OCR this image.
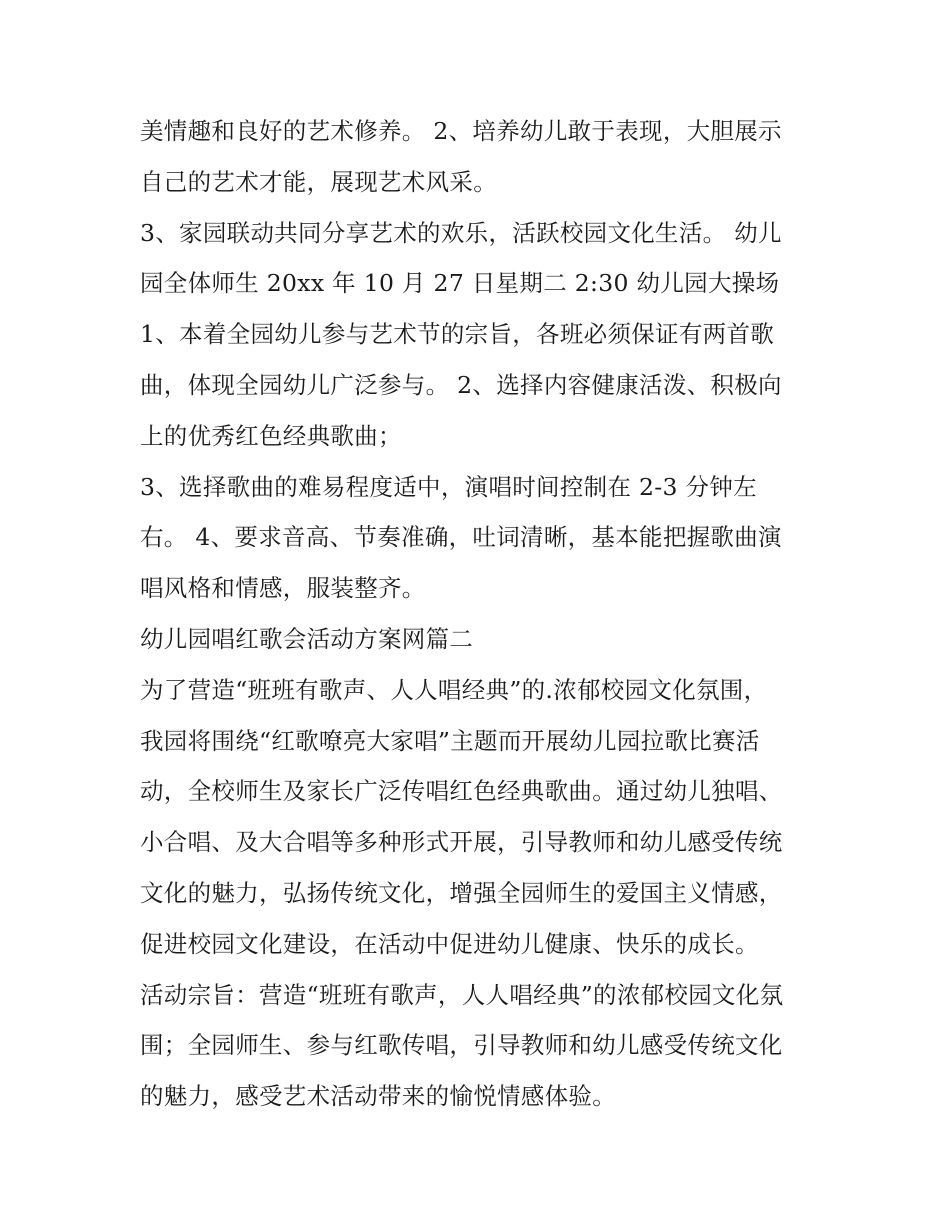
美情趣和良好的艺术修养。 2、培养幼儿敢于表现，大胆展示
自己的艺术才能，展现艺术风采。
3、家园联动共同分享艺术的欢乐，活跃校园文化生活。 幼儿
园全体师生 20xx 年 10 月 27 日星期二 2:30 幼儿园大操场
1、本着全园幼儿参与艺术节的宗旨，各班必须保证有两首歌
曲，体现全园幼儿广泛参与。 2、选择内容健康活泼、积极向
上的优秀红色经典歌曲；
3、选择歌曲的难易程度适中，演唱时间控制在 2-3 分钟左
右。 4、要求音高、节奏准确，吐词清晰，基本能把握歌曲演
唱风格和情感，服装整齐。
幼儿园唱红歌会活动方案网篇二
为了营造“班班有歌声、人人唱经典”的.浓郁校园文化氛围，
我园将围绕“红歌嘹亮大家唱”主题而开展幼儿园拉歌比赛活
动，全校师生及家长广泛传唱红色经典歌曲。通过幼儿独唱、
小合唱、及大合唱等多种形式开展，引导教师和幼儿感受传统
文化的魅力，弘扬传统文化，增强全园师生的爱国主义情感，
促进校园文化建设，在活动中促进幼儿健康、快乐的成长。
活动宗旨：营造“班班有歌声，人人唱经典”的浓郁校园文化氛
围；全园师生、参与红歌传唱，引导教师和幼儿感受传统文化
的魅力，感受艺术活动带来的愉悦情感体验。
